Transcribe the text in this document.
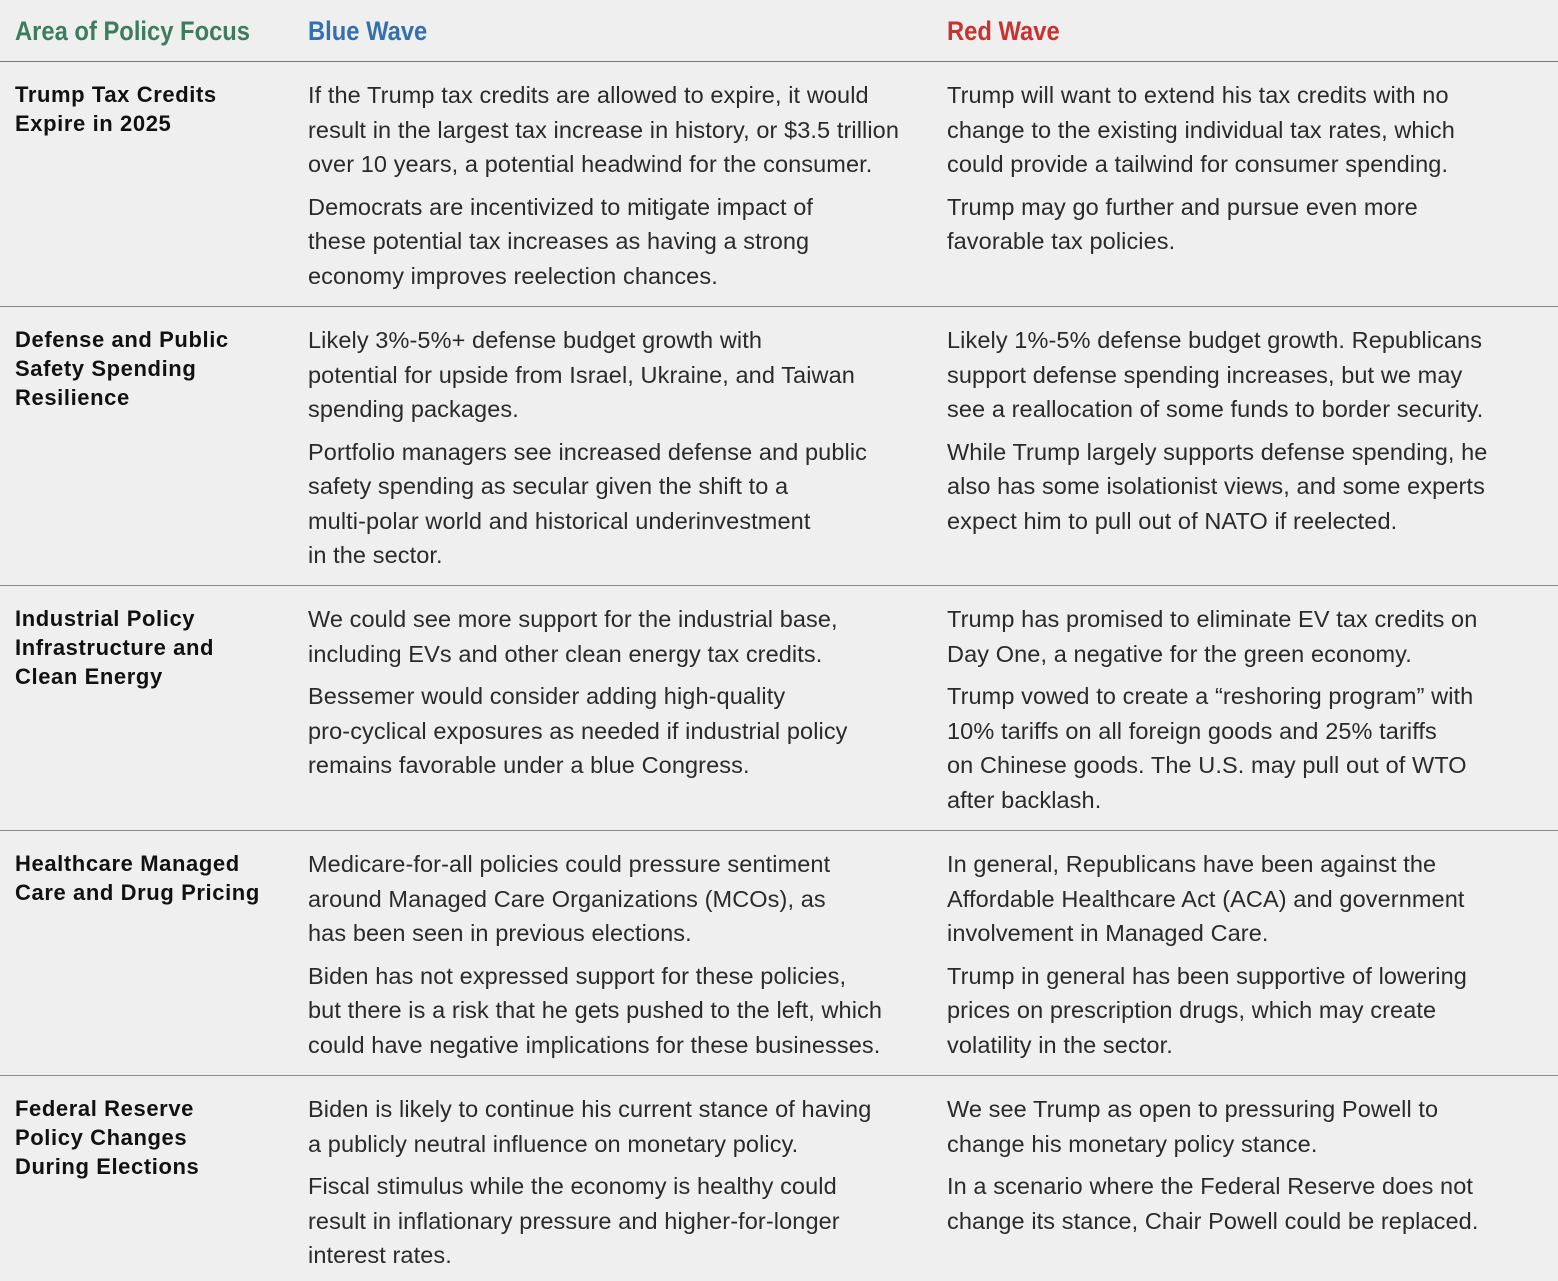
Area of Policy Focus Blue Wave	Red Wave
Trump Tax Credits
Expire in 2025

If the Trump tax credits are allowed to expire, it would
result in the largest tax increase in history, or $3.5 trillion
over 10 years, a potential headwind for the consumer.

Democrats are incentivized to mitigate impact of
these potential tax increases as having a strong
economy improves reelection chances.

Trump will want to extend his tax credits with no
change to the existing individual tax rates, which
could provide a tailwind for consumer spending.

Trump may go further and pursue even more
favorable tax policies.

Defense and Public
Safety Spending
Resilience

Likely 3%-5%+ defense budget growth with
potential for upside from Israel, Ukraine, and Taiwan
spending packages.

Portfolio managers see increased defense and public
safety spending as secular given the shift to a
multi-polar world and historical underinvestment
in the sector.

Likely 1%-5% defense budget growth. Republicans
support defense spending increases, but we may
see a reallocation of some funds to border security.

While Trump largely supports defense spending, he
also has some isolationist views, and some experts
expect him to pull out of NATO if reelected.

Industrial Policy
Infrastructure and
Clean Energy

We could see more support for the industrial base,
including EVs and other clean energy tax credits.

Bessemer would consider adding high-quality
pro-cyclical exposures as needed if industrial policy
remains favorable under a blue Congress.

Trump has promised to eliminate EV tax credits on
Day One, a negative for the green economy.

Trump vowed to create a “reshoring program” with
10% tariffs on all foreign goods and 25% tariffs
on Chinese goods. The U.S. may pull out of WTO
after backlash.

Healthcare Managed
Care and Drug Pricing

Medicare-for-all policies could pressure sentiment
around Managed Care Organizations (MCOs), as
has been seen in previous elections.

Biden has not expressed support for these policies,
but there is a risk that he gets pushed to the left, which
could have negative implications for these businesses.

In general, Republicans have been against the
Affordable Healthcare Act (ACA) and government
involvement in Managed Care.

Trump in general has been supportive of lowering
prices on prescription drugs, which may create
volatility in the sector.

Federal Reserve
Policy Changes
During Elections

Biden is likely to continue his current stance of having
a publicly neutral influence on monetary policy.

Fiscal stimulus while the economy is healthy could
result in inflationary pressure and higher-for-longer
interest rates.

We see Trump as open to pressuring Powell to
change his monetary policy stance.

In a scenario where the Federal Reserve does not
change its stance, Chair Powell could be replaced.
